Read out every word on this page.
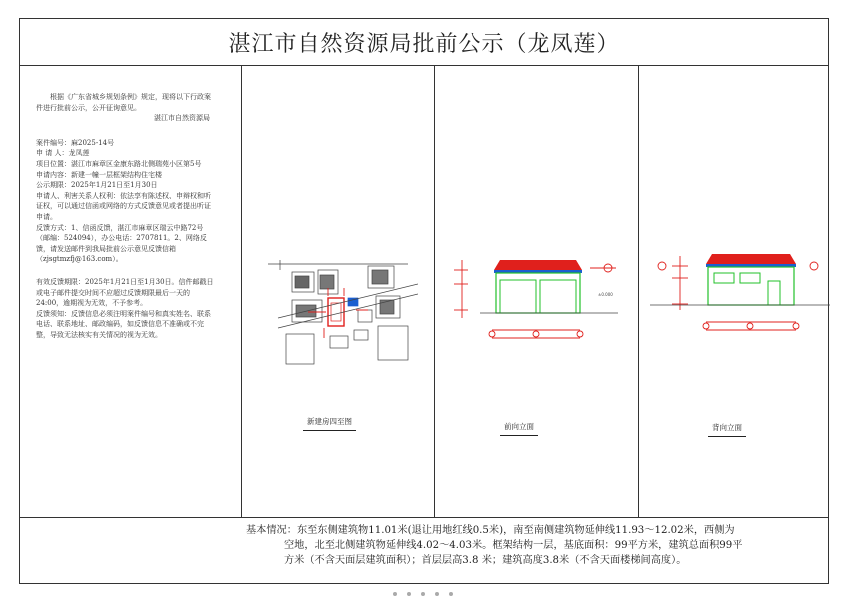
湛江市自然资源局批前公示（龙凤莲）

根据《广东省城乡规划条例》规定，现将以下行政案件进行批前公示，公开征询意见。

湛江市自然资源局

案件编号：麻2025-14号

申 请 人：龙凤莲

项目位置：湛江市麻章区金康东路北侧瑞苑小区第5号

申请内容：新建一幢一层框架结构住宅楼

公示期限：2025年1月21日至1月30日

申请人、利害关系人权利：依法享有陈述权、申辩权和听证权，可以通过信函或网络的方式反馈意见或者提出听证申请。

反馈方式：1、信函反馈，湛江市麻章区瑞云中路72号（邮编：524094），办公电话：2707811。2、网络反馈，请发送邮件到我局批前公示意见反馈信箱（zjsgtmzfj@163.com）。

有效反馈期限：2025年1月21日至1月30日。信件邮戳日或电子邮件提交时间不应超过反馈期限最后一天的24:00，逾期视为无效，不予参考。

反馈须知：反馈信息必须注明案件编号和真实姓名、联系电话、联系地址、邮政编码，如反馈信息不准确或不完整，导致无法核实有关情况的视为无效。

±0.000
新建房四至图
前向立面	背向立面
基本情况：东至东侧建筑物11.01米(退让用地红线0.5米)，南至南侧建筑物延伸线11.93～12.02米，西侧为
空地，北至北侧建筑物延伸线4.02～4.03米。框架结构一层，基底面积：99平方米，建筑总面积99平
方米（不含天面层建筑面积）；首层层高3.8 米；建筑高度3.8米（不含天面楼梯间高度）。
